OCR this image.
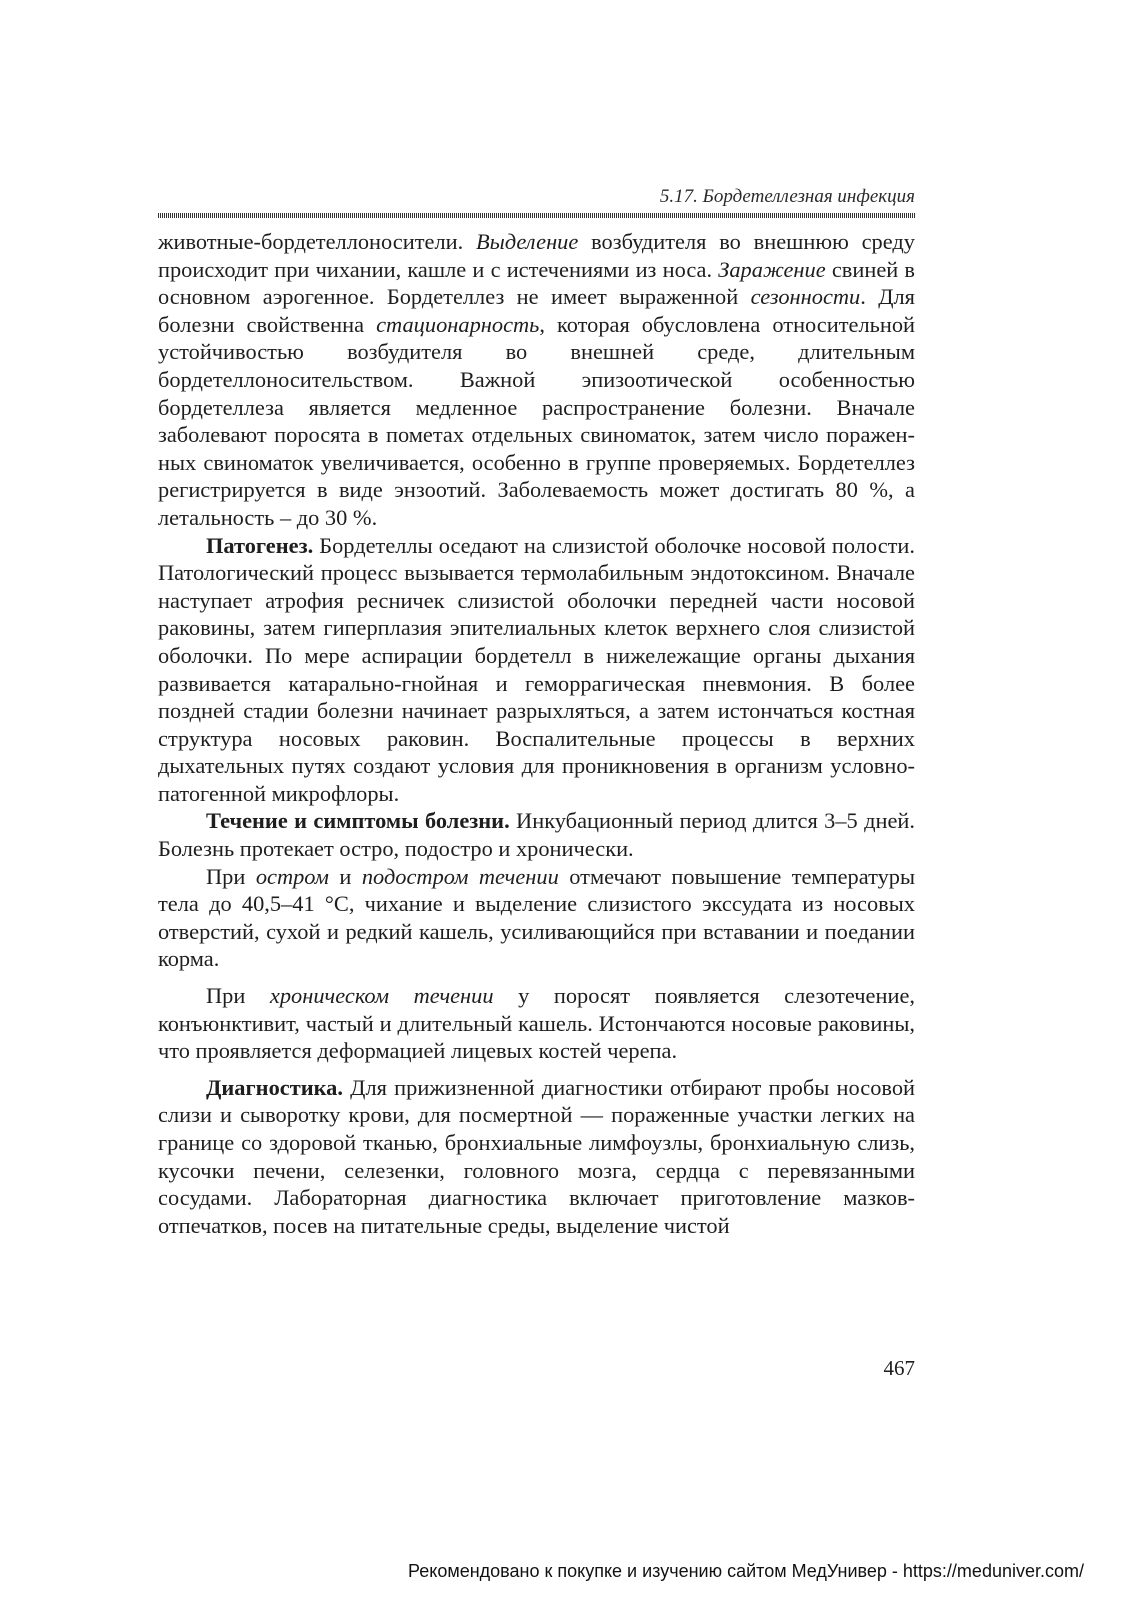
5.17. Бордетеллезная инфекция

животные-бордетеллоносители. Выделение возбудителя во внешнюю среду происходит при чихании, кашле и с истечениями из носа. Заражение свиней в основном аэрогенное. Бордетеллез не имеет выраженной сезонности. Для болезни свойственна стационарность, которая обусловлена относительной устойчивостью возбудителя во внешней среде, длительным бордетеллоносительством. Важной эпизоотической особенностью бордетеллеза является медленное распространение болезни. Вначале заболевают поросята в пометах отдельных свиноматок, затем число пораженных свиноматок увеличивается, особенно в группе проверяемых. Бордетеллез регистрируется в виде энзоотий. Заболеваемость может достигать 80 %, а летальность – до 30 %.

Патогенез. Бордетеллы оседают на слизистой оболочке носовой полости. Патологический процесс вызывается термолабильным эндотоксином. Вначале наступает атрофия ресничек слизистой оболочки передней части носовой раковины, затем гиперплазия эпителиальных клеток верхнего слоя слизистой оболочки. По мере аспирации бордетелл в нижележащие органы дыхания развивается катарально-гнойная и геморрагическая пневмония. В более поздней стадии болезни начинает разрыхляться, а затем истончаться костная структура носовых раковин. Воспалительные процессы в верхних дыхательных путях создают условия для проникновения в организм условно-патогенной микрофлоры.

Течение и симптомы болезни. Инкубационный период длится 3–5 дней. Болезнь протекает остро, подостро и хронически.

При остром и подостром течении отмечают повышение температуры тела до 40,5–41 °С, чихание и выделение слизистого экссудата из носовых отверстий, сухой и редкий кашель, усиливающийся при вставании и поедании корма.

При хроническом течении у поросят появляется слезотечение, конъюнктивит, частый и длительный кашель. Истончаются носовые раковины, что проявляется деформацией лицевых костей черепа.

Диагностика. Для прижизненной диагностики отбирают пробы носовой слизи и сыворотку крови, для посмертной — пораженные участки легких на границе со здоровой тканью, бронхиальные лимфоузлы, бронхиальную слизь, кусочки печени, селезенки, головного мозга, сердца с перевязанными сосудами. Лабораторная диагностика включает приготовление мазков-отпечатков, посев на питательные среды, выделение чистой

467
Рекомендовано к покупке и изучению сайтом МедУнивер - https://meduniver.com/
